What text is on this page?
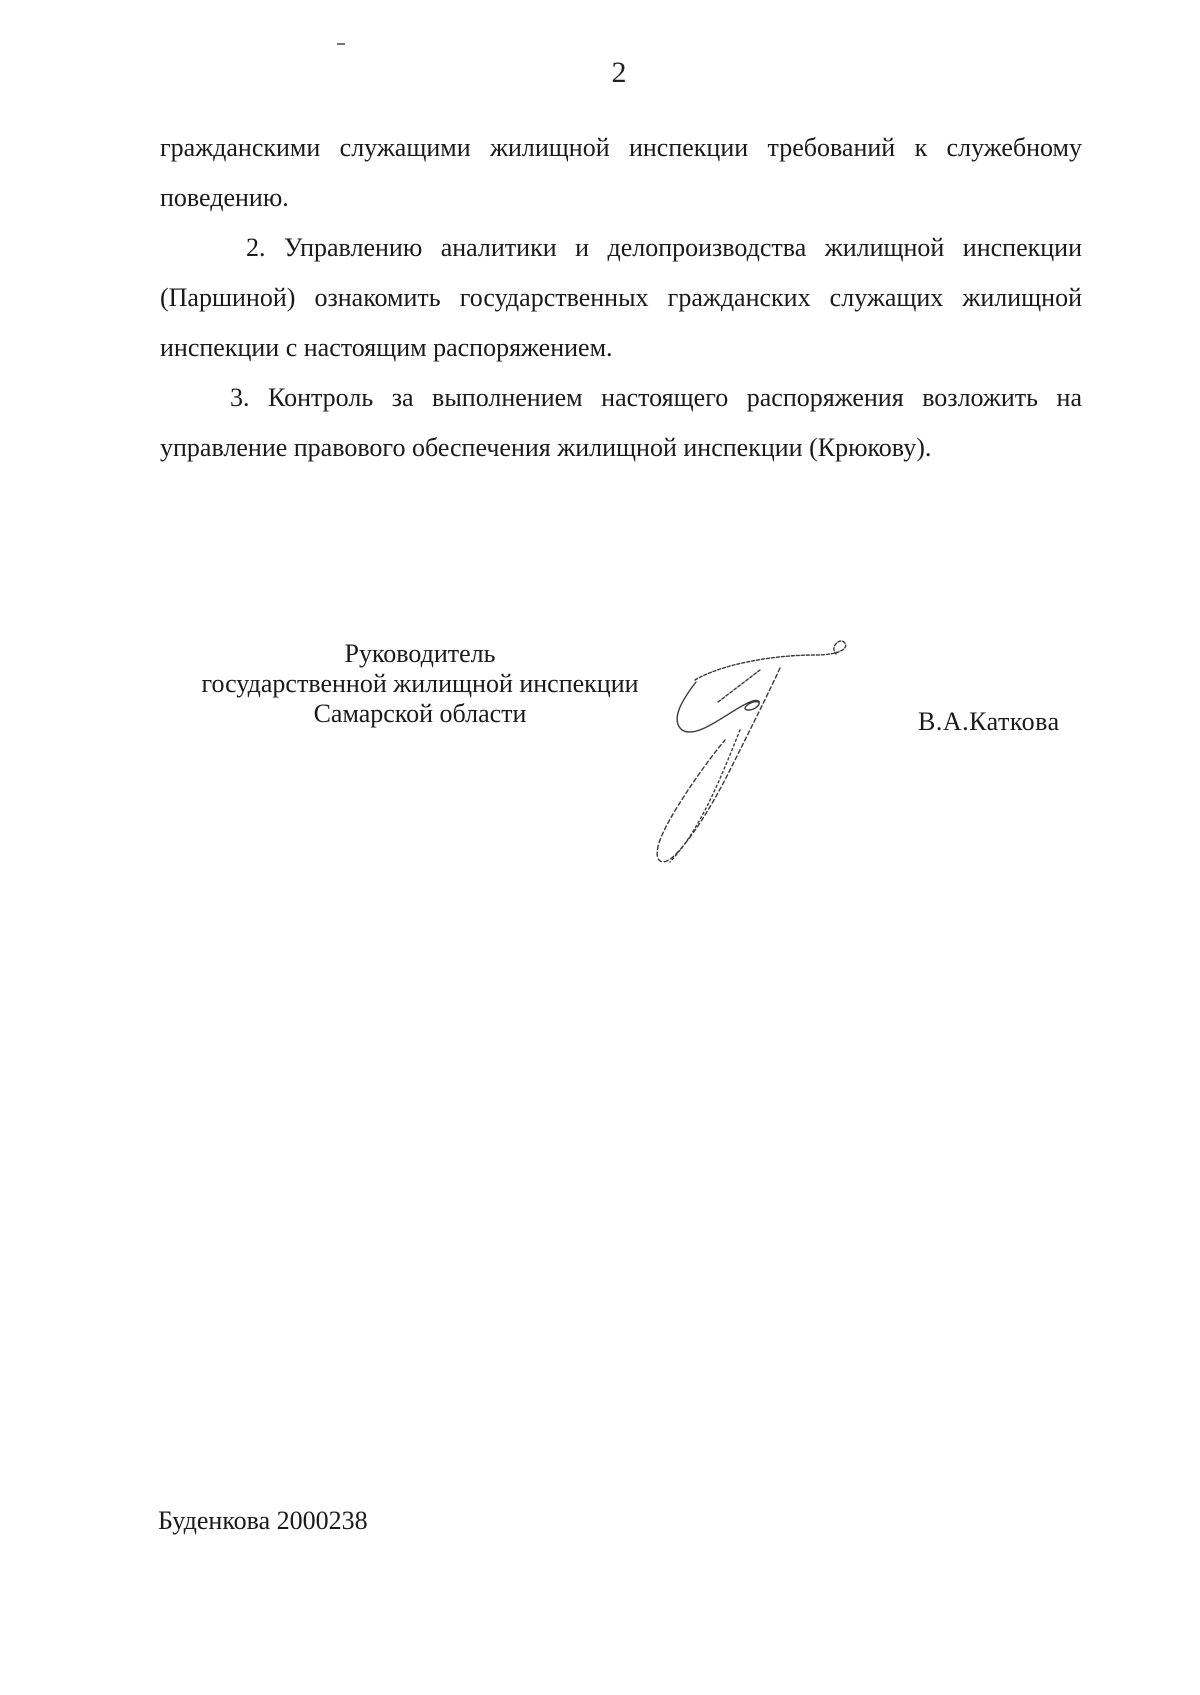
2

гражданскими служащими жилищной инспекции требований к служебному поведению.

2. Управлению аналитики и делопроизводства жилищной инспекции (Паршиной) ознакомить государственных гражданских служащих жилищной инспекции с настоящим распоряжением.

3. Контроль за выполнением настоящего распоряжения возложить на управление правового обеспечения жилищной инспекции (Крюкову).

Руководитель
государственной жилищной инспекции
Самарской области	В.А.Каткова
Буденкова 2000238
